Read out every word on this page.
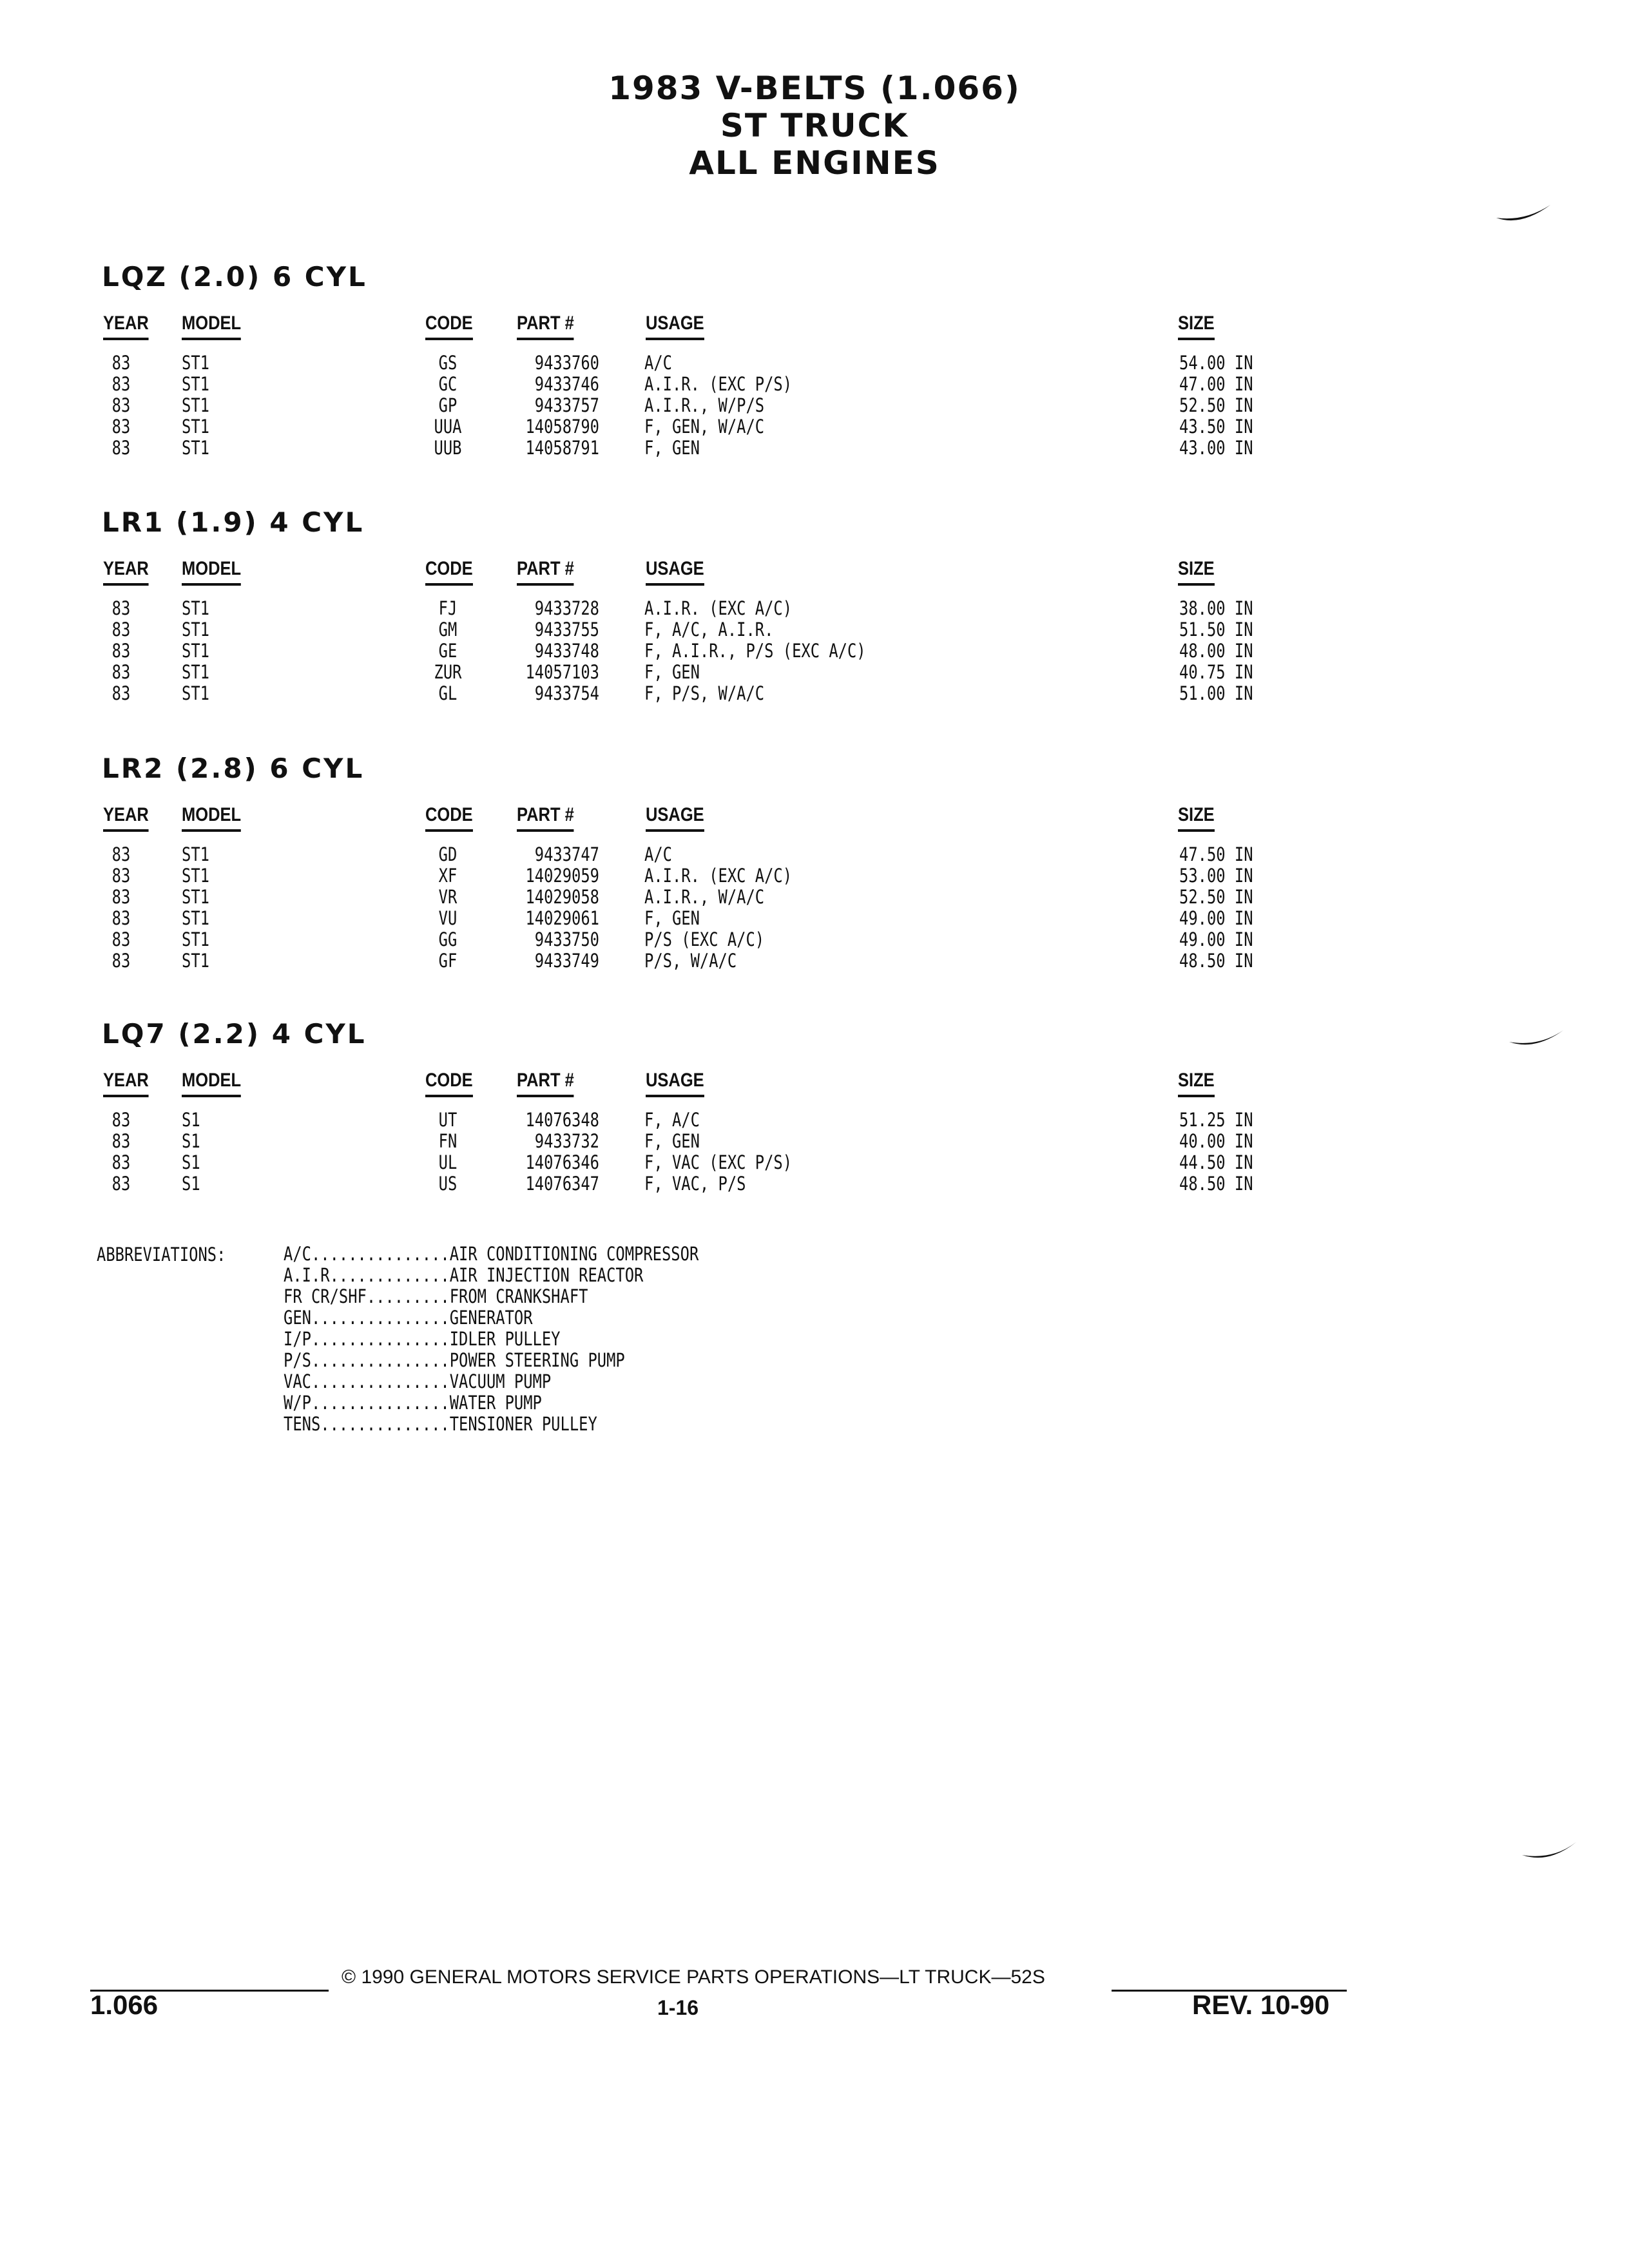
1983 V-BELTS (1.066)
ST TRUCK
ALL ENGINES
LQZ (2.0) 6 CYL
YEAR MODEL	CODE PART #	USAGE	SIZE
83	ST1	GS	9433760 A/C	54.00 IN
83	ST1	GC	9433746 A.I.R. (EXC P/S)	47.00 IN
83	ST1	GP	9433757 A.I.R., W/P/S	52.50 IN
83	ST1	UUA	14058790 F, GEN, W/A/C	43.50 IN
83	ST1	UUB	14058791 F, GEN	43.00 IN
LR1 (1.9) 4 CYL
YEAR MODEL	CODE PART #	USAGE	SIZE
83	ST1	FJ	9433728 A.I.R. (EXC A/C)	38.00 IN
83	ST1	GM	9433755 F, A/C, A.I.R.	51.50 IN
83	ST1	GE	9433748 F, A.I.R., P/S (EXC A/C)	48.00 IN
83	ST1	ZUR	14057103 F, GEN	40.75 IN
83	ST1	GL	9433754 F, P/S, W/A/C	51.00 IN
LR2 (2.8) 6 CYL
YEAR MODEL	CODE PART #	USAGE	SIZE
83	ST1	GD	9433747 A/C	47.50 IN
83	ST1	XF	14029059 A.I.R. (EXC A/C)	53.00 IN
83	ST1	VR	14029058 A.I.R., W/A/C	52.50 IN
83	ST1	VU	14029061 F, GEN	49.00 IN
83	ST1	GG	9433750 P/S (EXC A/C)	49.00 IN
83	ST1	GF	9433749 P/S, W/A/C	48.50 IN
LQ7 (2.2) 4 CYL
YEAR MODEL	CODE PART #	USAGE	SIZE
83	S1	UT	14076348 F, A/C	51.25 IN
83	S1	FN	9433732 F, GEN	40.00 IN
83	S1	UL	14076346 F, VAC (EXC P/S)	44.50 IN
83	S1	US	14076347 F, VAC, P/S	48.50 IN
ABBREVIATIONS:	A/C...............AIR CONDITIONING COMPRESSOR
A.I.R.............AIR INJECTION REACTOR
FR CR/SHF.........FROM CRANKSHAFT
GEN...............GENERATOR
I/P...............IDLER PULLEY
P/S...............POWER STEERING PUMP
VAC...............VACUUM PUMP
W/P...............WATER PUMP
TENS..............TENSIONER PULLEY
© 1990 GENERAL MOTORS SERVICE PARTS OPERATIONS—LT TRUCK—52S
1.066	1-16	REV. 10-90
